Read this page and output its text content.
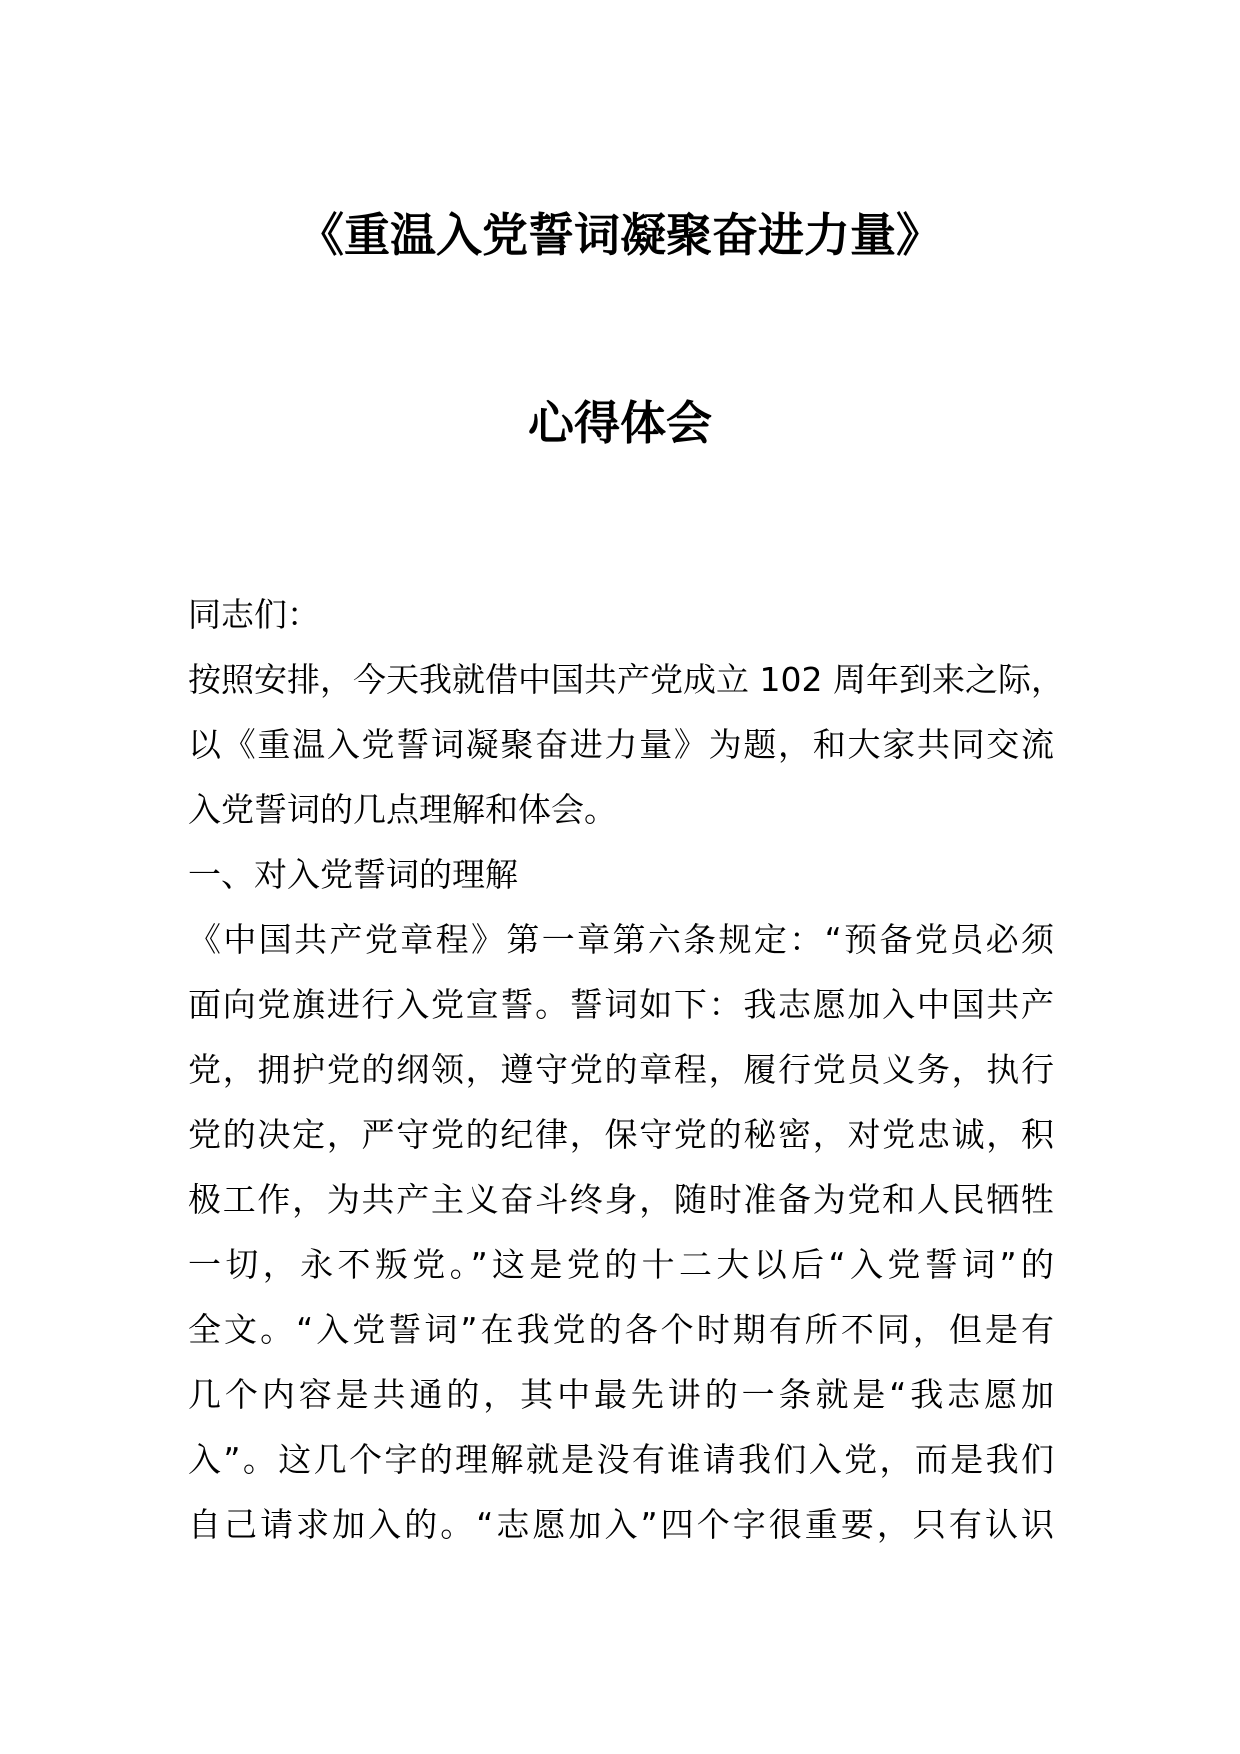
《重温入党誓词凝聚奋进力量》
心得体会
同志们：
按照安排，今天我就借中国共产党成立 102 周年到来之际，
以《重温入党誓词凝聚奋进力量》为题，和大家共同交流
入党誓词的几点理解和体会。
一、对入党誓词的理解
《中国共产党章程》第一章第六条规定：“预备党员必须
面向党旗进行入党宣誓。誓词如下：我志愿加入中国共产
党，拥护党的纲领，遵守党的章程，履行党员义务，执行
党的决定，严守党的纪律，保守党的秘密，对党忠诚，积
极工作，为共产主义奋斗终身，随时准备为党和人民牺牲
一切，永不叛党。”这是党的十二大以后“入党誓词”的
全文。“入党誓词”在我党的各个时期有所不同，但是有
几个内容是共通的，其中最先讲的一条就是“我志愿加
入”。这几个字的理解就是没有谁请我们入党，而是我们
自己请求加入的。“志愿加入”四个字很重要，只有认识
